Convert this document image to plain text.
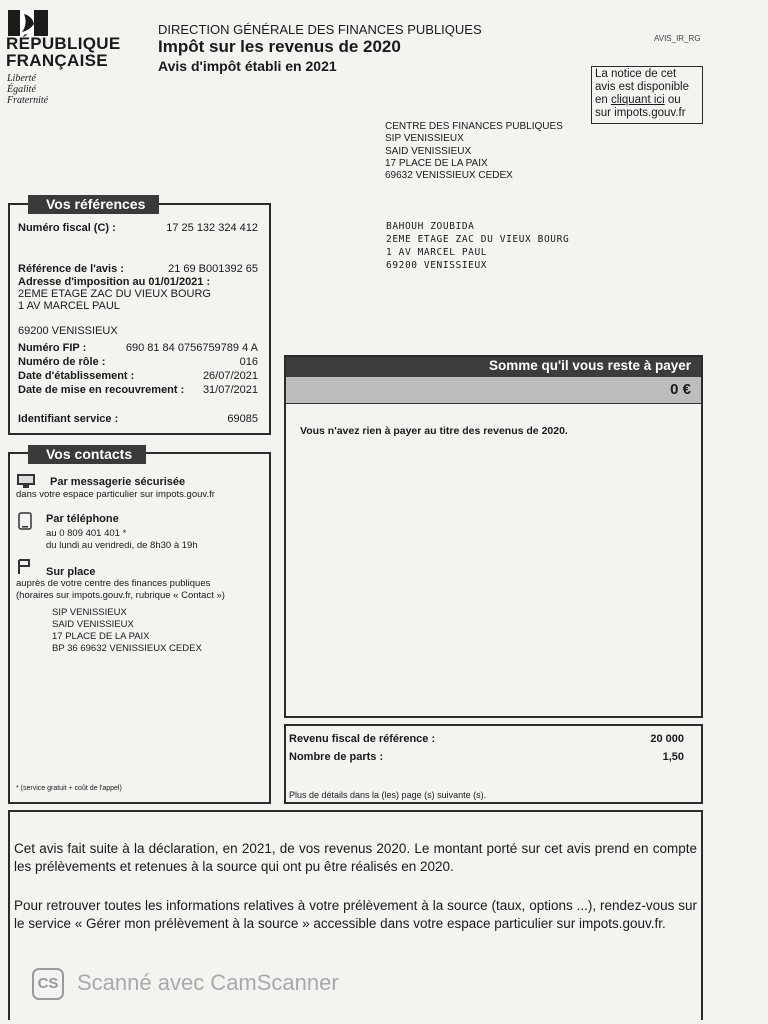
RÉPUBLIQUE
FRANÇAISE
Liberté
Égalité
Fraternité
DIRECTION GÉNÉRALE DES FINANCES PUBLIQUES
Impôt sur les revenus de 2020
Avis d'impôt établi en 2021
AVIS_IR_RG
La notice de cet
avis est disponible
en cliquant ici ou
sur impots.gouv.fr
CENTRE DES FINANCES PUBLIQUES
SIP VENISSIEUX
SAID VENISSIEUX
17 PLACE DE LA PAIX
69632 VENISSIEUX CEDEX
BAHOUH ZOUBIDA
2EME ETAGE ZAC DU VIEUX BOURG
1 AV MARCEL PAUL
69200 VENISSIEUX
Vos références
Numéro fiscal (C) :	17 25 132 324 412
Référence de l'avis :	21 69 B001392 65
Adresse d'imposition au 01/01/2021 :
2EME ETAGE ZAC DU VIEUX BOURG
1 AV MARCEL PAUL
69200 VENISSIEUX
Numéro FIP :	690 81 84 0756759789 4 A
Numéro de rôle :	016
Date d'établissement :	26/07/2021
Date de mise en recouvrement :	31/07/2021
Identifiant service :	69085
Vos contacts
Par messagerie sécurisée
dans votre espace particulier sur impots.gouv.fr
Par téléphone
au 0 809 401 401 *
du lundi au vendredi, de 8h30 à 19h
Sur place
auprès de votre centre des finances publiques
(horaires sur impots.gouv.fr, rubrique « Contact »)
SIP VENISSIEUX
SAID VENISSIEUX
17 PLACE DE LA PAIX
BP 36 69632 VENISSIEUX CEDEX
* (service gratuit + coût de l'appel)
Somme qu'il vous reste à payer
0 €
Vous n'avez rien à payer au titre des revenus de 2020.
Revenu fiscal de référence :	20 000
Nombre de parts :	1,50
Plus de détails dans la (les) page (s) suivante (s).
Cet avis fait suite à la déclaration, en 2021, de vos revenus 2020. Le montant porté sur cet avis prend en compte les prélèvements et retenues à la source qui ont pu être réalisés en 2020.
Pour retrouver toutes les informations relatives à votre prélèvement à la source (taux, options ...), rendez-vous sur le service « Gérer mon prélèvement à la source » accessible dans votre espace particulier sur impots.gouv.fr.
CS Scanné avec CamScanner
